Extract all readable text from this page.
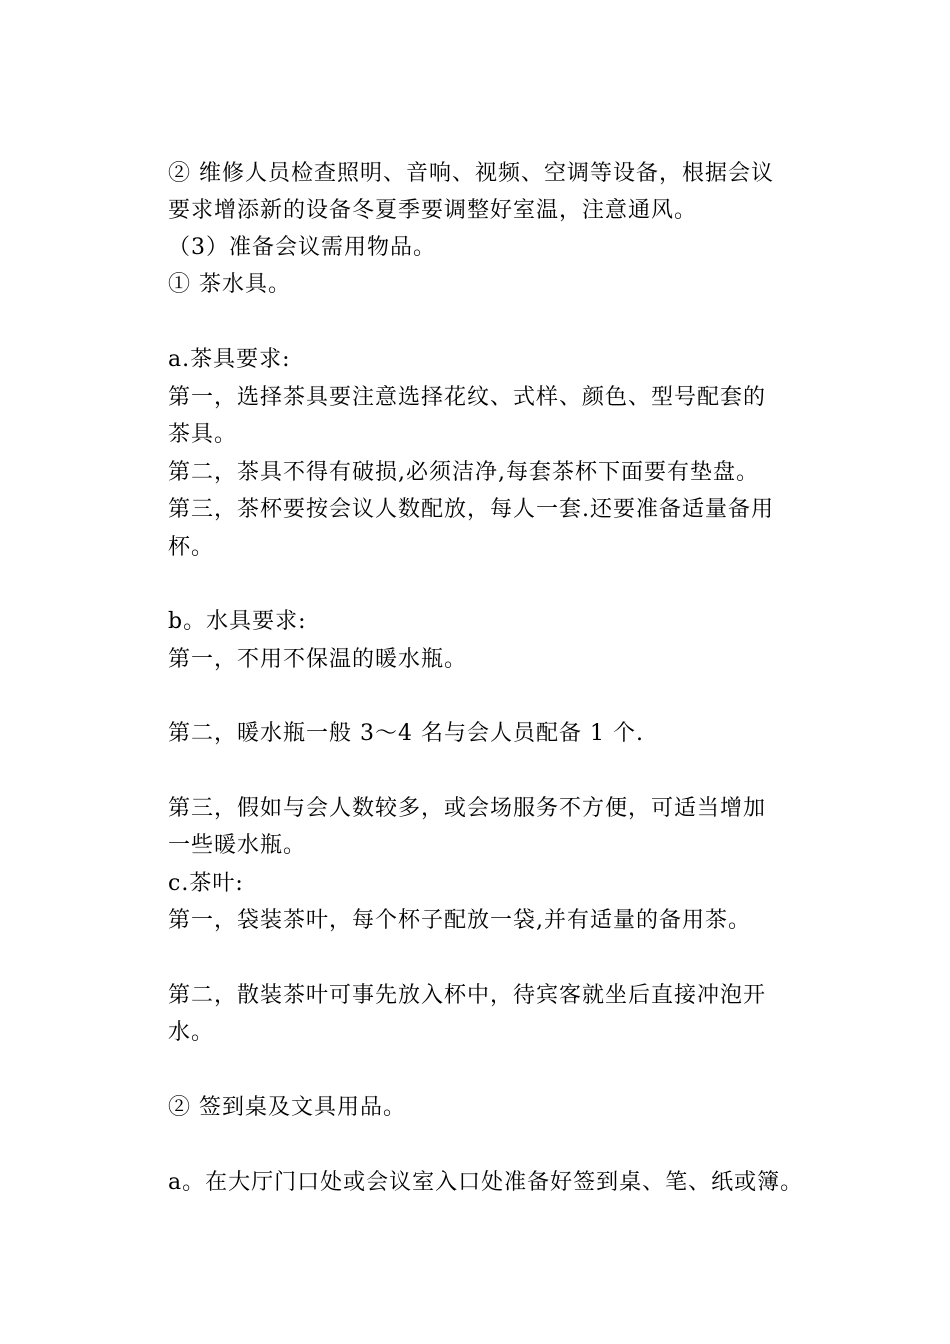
② 维修人员检查照明、音响、视频、空调等设备，根据会议
要求增添新的设备冬夏季要调整好室温，注意通风。
（3）准备会议需用物品。
① 茶水具。
a.茶具要求:
第一，选择茶具要注意选择花纹、式样、颜色、型号配套的
茶具。
第二，茶具不得有破损,必须洁净,每套茶杯下面要有垫盘。
第三，茶杯要按会议人数配放，每人一套.还要准备适量备用
杯。
b。水具要求:
第一，不用不保温的暖水瓶。
第二，暖水瓶一般 3～4 名与会人员配备 1 个.
第三，假如与会人数较多，或会场服务不方便，可适当增加
一些暖水瓶。
c.茶叶:
第一，袋装茶叶，每个杯子配放一袋,并有适量的备用茶。
第二，散装茶叶可事先放入杯中，待宾客就坐后直接冲泡开
水。
② 签到桌及文具用品。
a。在大厅门口处或会议室入口处准备好签到桌、笔、纸或簿。
